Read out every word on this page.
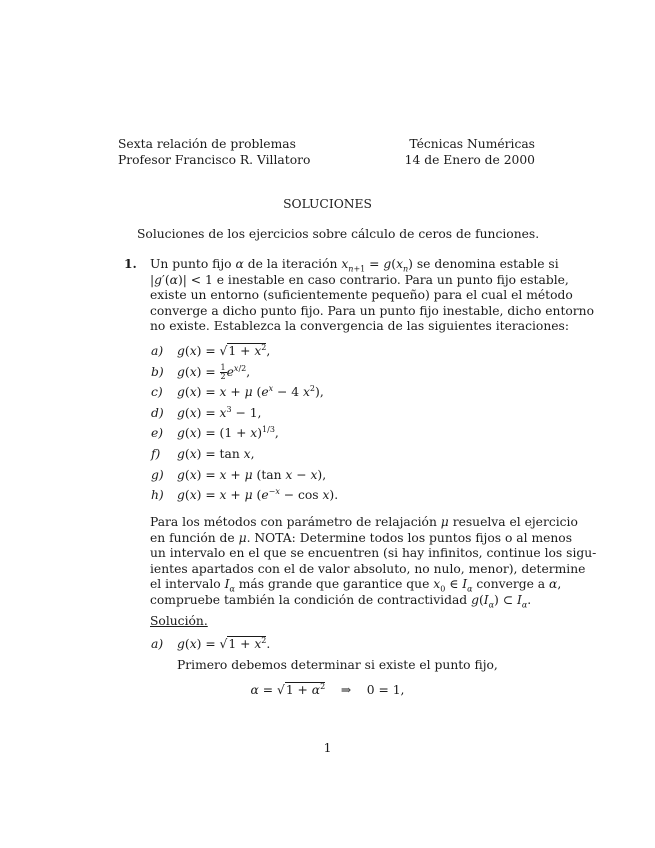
Sexta relación de problemas
Profesor Francisco R. Villatoro
Técnicas Numéricas
14 de Enero de 2000
SOLUCIONES
Soluciones de los ejercicios sobre cálculo de ceros de funciones.
1. Un punto fijo α de la iteración $x_{n+1} = g(x_n)$ se denomina estable si
|g′(α)| < 1 e inestable en caso contrario. Para un punto fijo estable,
existe un entorno (suficientemente pequeño) para el cual el método
converge a dicho punto fijo. Para un punto fijo inestable, dicho entorno
no existe. Establezca la convergencia de las siguientes iteraciones:
a) $g(x) = √1 + x^2$,
b) $g(x) = \frac{1}{2} e^{x/2}$,
c) g(x) = x + μ ($e^x - 4$ $x^2$),
d) $g(x) = x^3 - 1$,
e) $g(x) = (1 + x)^{1/3}$,
f) g(x) = tan x,
g) g(x) = x + μ (tan x − x),
h) g(x) = x + μ $(e^{-x} - \cos x)$.
Para los métodos con parámetro de relajación μ resuelva el ejercicio
en función de μ. NOTA: Determine todos los puntos fijos o al menos
un intervalo en el que se encuentren (si hay infinitos, continue los sigu-
ientes apartados con el de valor absoluto, no nulo, menor), determine
el intervalo $I_\alpha$ más grande que garantice que $x_0$ ∈ $I_\alpha$ converge a α,
compruebe también la condición de contractividad $g(I_\alpha)$ ⊂ $I_\alpha$.
Solución.
a) $g(x) = √1 + x^2$.
Primero debemos determinar si existe el punto fijo,
$\alpha = √1 + \alpha^2$    ⇒    0 = 1,
1
